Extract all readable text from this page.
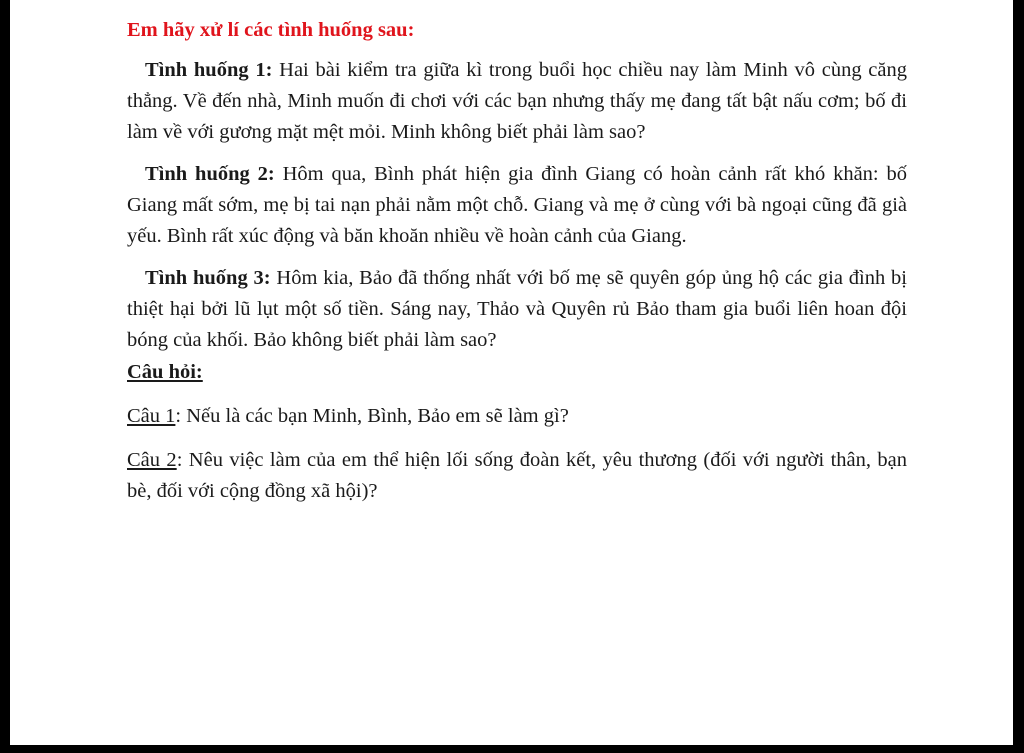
Em hãy xử lí các tình huống sau:

Tình huống 1: Hai bài kiểm tra giữa kì trong buổi học chiều nay làm Minh vô cùng căng thẳng. Về đến nhà, Minh muốn đi chơi với các bạn nhưng thấy mẹ đang tất bật nấu cơm; bố đi làm về với gương mặt mệt mỏi. Minh không biết phải làm sao?

Tình huống 2: Hôm qua, Bình phát hiện gia đình Giang có hoàn cảnh rất khó khăn: bố Giang mất sớm, mẹ bị tai nạn phải nằm một chỗ. Giang và mẹ ở cùng với bà ngoại cũng đã già yếu. Bình rất xúc động và băn khoăn nhiều về hoàn cảnh của Giang.

Tình huống 3: Hôm kia, Bảo đã thống nhất với bố mẹ sẽ quyên góp ủng hộ các gia đình bị thiệt hại bởi lũ lụt một số tiền. Sáng nay, Thảo và Quyên rủ Bảo tham gia buổi liên hoan đội bóng của khối. Bảo không biết phải làm sao?

Câu hỏi:

Câu 1: Nếu là các bạn Minh, Bình, Bảo em sẽ làm gì?

Câu 2: Nêu việc làm của em thể hiện lối sống đoàn kết, yêu thương (đối với người thân, bạn bè, đối với cộng đồng xã hội)?
